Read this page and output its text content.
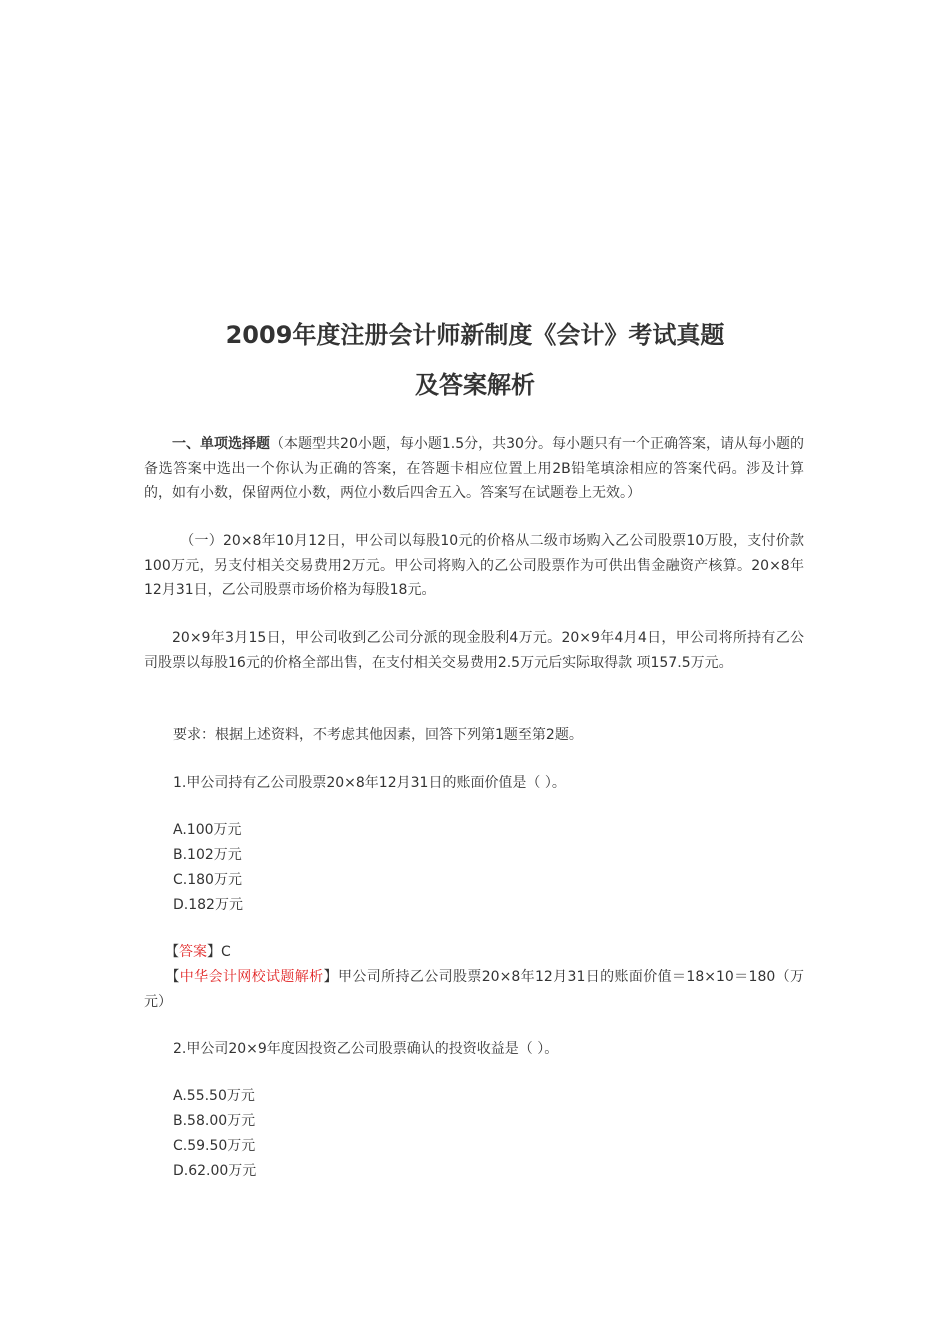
2009年度注册会计师新制度《会计》考试真题
及答案解析
一、单项选择题（本题型共20小题，每小题1.5分，共30分。每小题只有一个正确答案，请从每小题的备选答案中选出一个你认为正确的答案，在答题卡相应位置上用2B铅笔填涂相应的答案代码。涉及计算的，如有小数，保留两位小数，两位小数后四舍五入。答案写在试题卷上无效。）
（一）20×8年10月12日，甲公司以每股10元的价格从二级市场购入乙公司股票10万股，支付价款100万元，另支付相关交易费用2万元。甲公司将购入的乙公司股票作为可供出售金融资产核算。20×8年12月31日，乙公司股票市场价格为每股18元。
20×9年3月15日，甲公司收到乙公司分派的现金股利4万元。20×9年4月4日，甲公司将所持有乙公司股票以每股16元的价格全部出售，在支付相关交易费用2.5万元后实际取得款 项157.5万元。
要求：根据上述资料，不考虑其他因素，回答下列第1题至第2题。
1.甲公司持有乙公司股票20×8年12月31日的账面价值是（ ）。
A.100万元
B.102万元
C.180万元
D.182万元
【答案】C
【中华会计网校试题解析】甲公司所持乙公司股票20×8年12月31日的账面价值＝18×10＝180（万元）
2.甲公司20×9年度因投资乙公司股票确认的投资收益是（ ）。
A.55.50万元
B.58.00万元
C.59.50万元
D.62.00万元
